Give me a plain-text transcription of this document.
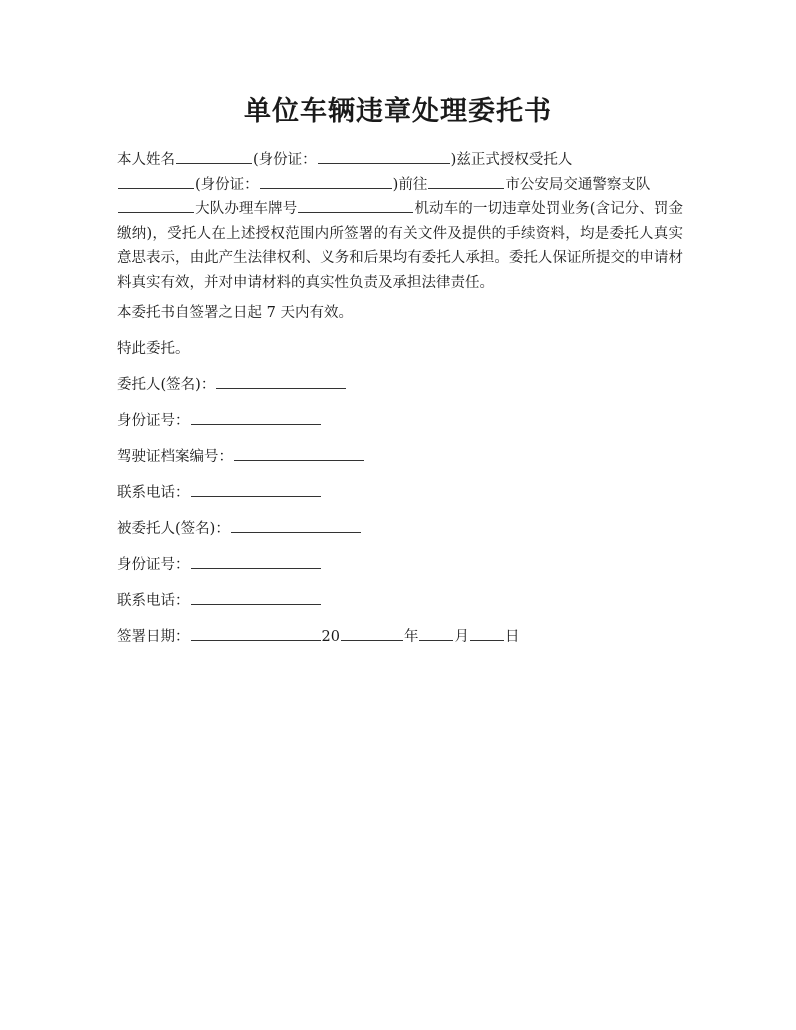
单位车辆违章处理委托书

本人姓名	(身份证：	)兹正式授权受托人
(身份证：	)前往	市公安局交通警察支队
大队办理车牌号	机动车的一切违章处罚业务(含记分、罚金缴纳)，受托人在上述授权范围内所签署的有关文件及提供的手续资料，均是委托人真实意思表示，由此产生法律权利、义务和后果均有委托人承担。委托人保证所提交的申请材料真实有效，并对申请材料的真实性负责及承担法律责任。

本委托书自签署之日起 7 天内有效。
特此委托。
委托人(签名)：
身份证号：
驾驶证档案编号：
联系电话：
被委托人(签名)：
身份证号：
联系电话：
签署日期：	20	年 月 日
